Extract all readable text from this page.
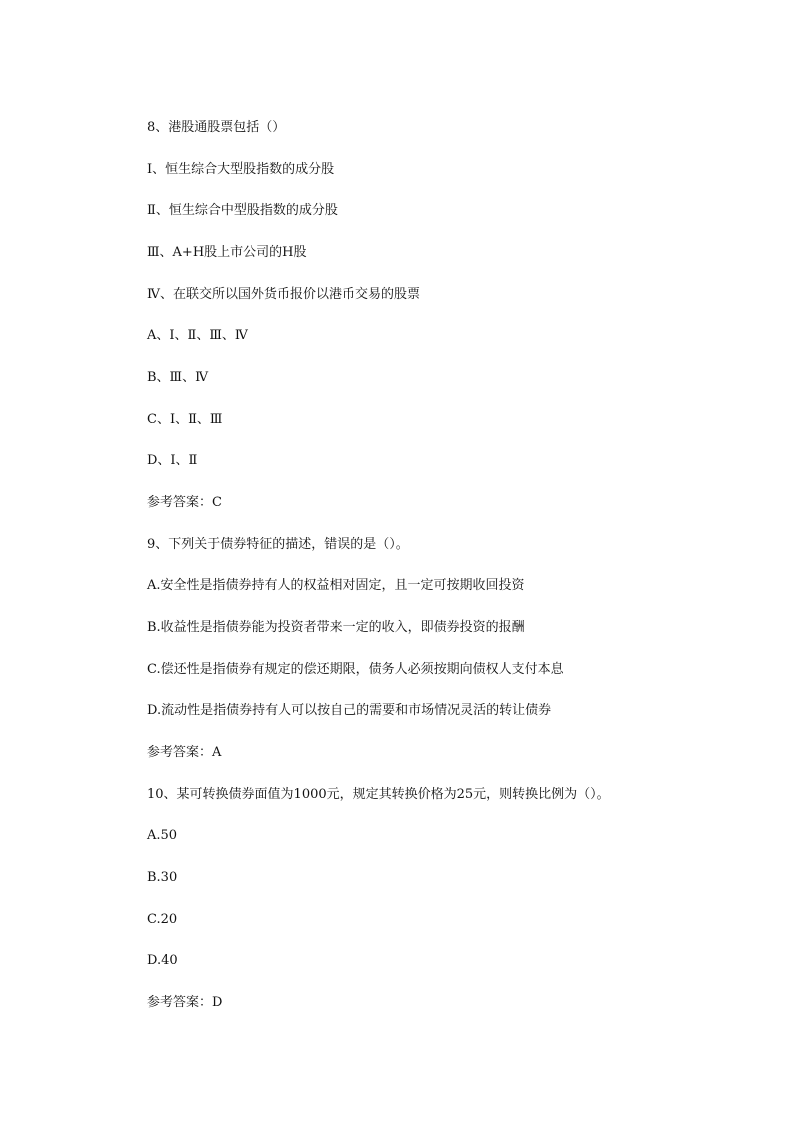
8、港股通股票包括（）
Ⅰ、恒生综合大型股指数的成分股
Ⅱ、恒生综合中型股指数的成分股
Ⅲ、A+H股上市公司的H股
Ⅳ、在联交所以国外货币报价以港币交易的股票
A、Ⅰ、Ⅱ、Ⅲ、Ⅳ
B、Ⅲ、Ⅳ
C、Ⅰ、Ⅱ、Ⅲ
D、Ⅰ、Ⅱ
参考答案：C
9、下列关于债券特征的描述，错误的是（）。
A.安全性是指债券持有人的权益相对固定，且一定可按期收回投资
B.收益性是指债券能为投资者带来一定的收入，即债券投资的报酬
C.偿还性是指债券有规定的偿还期限，债务人必须按期向债权人支付本息
D.流动性是指债券持有人可以按自己的需要和市场情况灵活的转让债券
参考答案：A
10、某可转换债券面值为1000元，规定其转换价格为25元，则转换比例为（）。
A.50
B.30
C.20
D.40
参考答案：D
